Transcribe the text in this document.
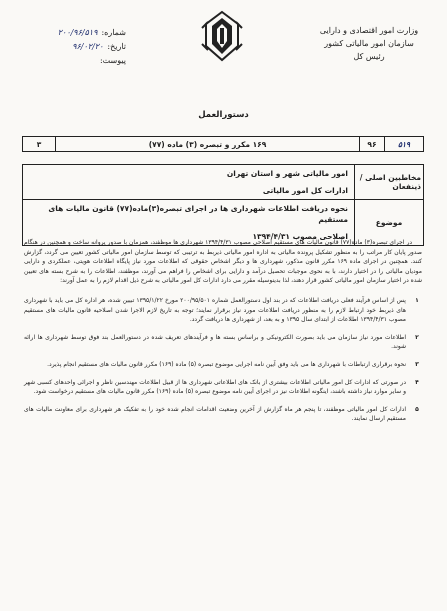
وزارت امور اقتصادی و دارایی
سازمان امور مالیاتی کشور
رئیس کل
شماره:
۲۰۰/۹۶/۵۱۹
تاریخ:
۹۶/۰۲/۲۰
پیوست:
دستورالعمل
۵۱۹
۹۶
۱۶۹ مکرر و تبصره (۳) ماده (۷۷)
۳
مخاطبین اصلی / ذینفعان
امور مالیاتی شهر و استان تهران
ادارات کل امور مالیاتی
موضوع
نحوه دریافت اطلاعات شهرداری ها در اجرای تبصره(۳)ماده(۷۷) قانون مالیات های مستقیم
اصلاحی مصوب ۱۳۹۴/۴/۳۱

در اجرای تبصره(۳) ماده(۷۷) قانون مالیات های مستقیم اصلاحی مصوب ۱۳۹۴/۴/۳۱ شهرداری ها موظفند، همزمان با صدور پروانه ساخت و همچنین در هنگام صدور پایان کار مراتب را به منظور تشکیل پرونده مالیاتی به اداره امور مالیاتی ذیربط به ترتیبی که توسط سازمان امور مالیاتی کشور تعیین می گردد، گزارش کنند. همچنین در اجرای ماده ۱۶۹ مکرر قانون مذکور، شهرداری ها و دیگر اشخاص حقوقی که اطلاعات مورد نیاز پایگاه اطلاعات هویتی، عملکردی و دارایی مودیان مالیاتی را در اختیار دارند، با به نحوی موجبات تحصیل درآمد و دارایی برای اشخاص را فراهم می آورند، موظفند، اطلاعات را به شرح بسته های تعیین شده در اختیار سازمان امور مالیاتی کشور قرار دهند، لذا بدینوسیله مقرر می دارد ادارات کل امور مالیاتی به شرح ذیل اقدام لازم را به عمل آورند:

۱
پس از اساس فرآیند فعلی دریافت اطلاعات که در بند اول دستورالعمل شماره ۲۰۰/۹۵/۵۰۱ مورخ ۱۳۹۵/۱/۲۲ تبیین شده، هر اداره کل می باید با شهرداری های ذیربط خود ارتباط لازم را به منظور دریافت اطلاعات مورد نیاز برقرار نمایند؛ توجه به تاریخ لازم الاجرا شدن اصلاحیه قانون مالیات های مستقیم مصوب ۱۳۹۴/۴/۳۱ اطلاعات از ابتدای سال ۱۳۹۵ و به بعد، از شهرداری ها دریافت گردد.
۲
اطلاعات مورد نیاز سازمان می باید بصورت الکترونیکی و براساس بسته ها و فرآیندهای تعریف شده در دستورالعمل بند فوق توسط شهرداری ها ارائه شوند.
۳
نحوه برقراری ارتباطات با شهرداری ها می باید وفق آیین نامه اجرایی موضوع تبصره (۵) ماده (۱۶۹) مکرر قانون مالیات های مستقیم انجام پذیرد.
۴
در صورتی که ادارات کل امور مالیاتی اطلاعات بیشتری از بانک های اطلاعاتی شهرداری ها از قبیل اطلاعات مهندسین ناظر و اجرائی واحدهای کسبی شهر و سایر موارد نیاز داشته باشند، اینگونه اطلاعات نیز در اجرای آیین نامه موضوع تبصره (۵) ماده (۱۶۹) مکرر قانون مالیات های مستقیم درخواست شود.
۵
ادارات کل امور مالیاتی موظفند، تا پنجم هر ماه گزارش از آخرین وضعیت اقدامات انجام شده خود را به تفکیک هر شهرداری برای معاونت مالیات های مستقیم ارسال نمایند.
